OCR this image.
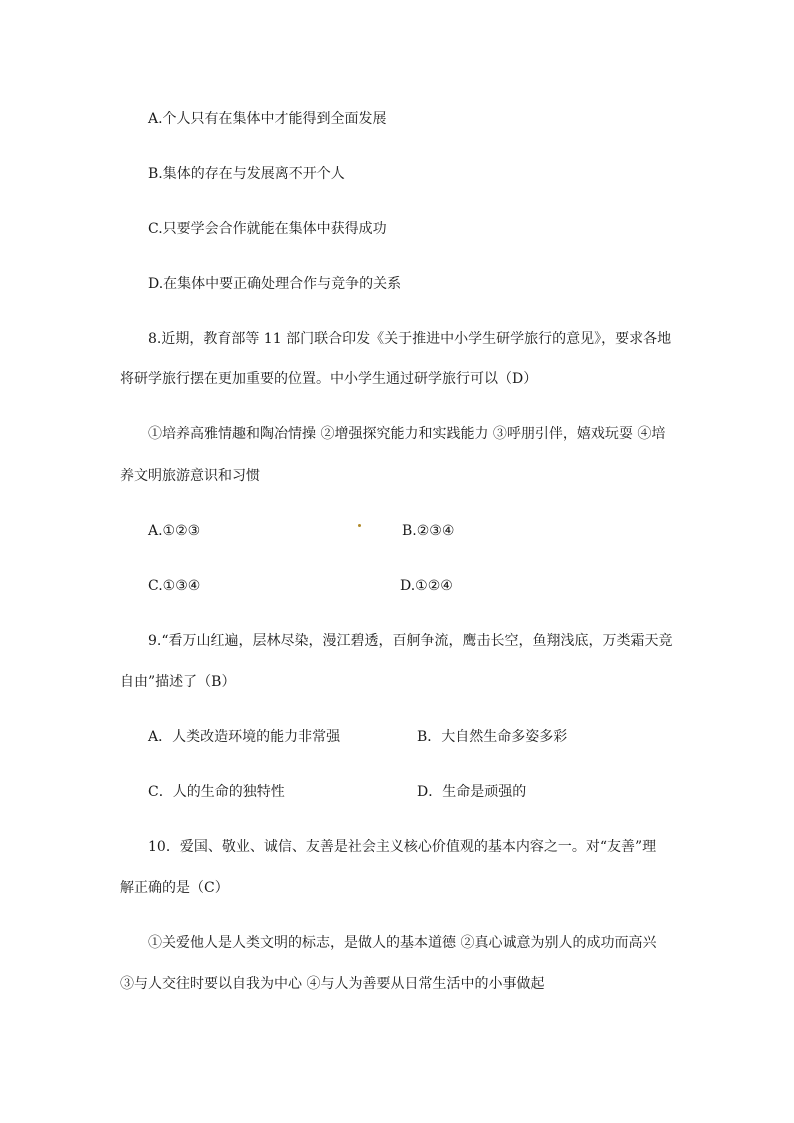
A.个人只有在集体中才能得到全面发展
B.集体的存在与发展离不开个人
C.只要学会合作就能在集体中获得成功
D.在集体中要正确处理合作与竞争的关系
8.近期，教育部等 11 部门联合印发《关于推进中小学生研学旅行的意见》，要求各地
将研学旅行摆在更加重要的位置。中小学生通过研学旅行可以（D）
①培养高雅情趣和陶冶情操 ②增强探究能力和实践能力 ③呼朋引伴，嬉戏玩耍 ④培
养文明旅游意识和习惯
A.①②③	B.②③④
C.①③④	D.①②④
9.“看万山红遍，层林尽染，漫江碧透，百舸争流，鹰击长空，鱼翔浅底，万类霜天竞
自由”描述了（B）
A．人类改造环境的能力非常强	B．大自然生命多姿多彩
C．人的生命的独特性	D．生命是顽强的
10．爱国、敬业、诚信、友善是社会主义核心价值观的基本内容之一。对“友善”理
解正确的是（C）
①关爱他人是人类文明的标志，是做人的基本道德 ②真心诚意为别人的成功而高兴
③与人交往时要以自我为中心 ④与人为善要从日常生活中的小事做起
